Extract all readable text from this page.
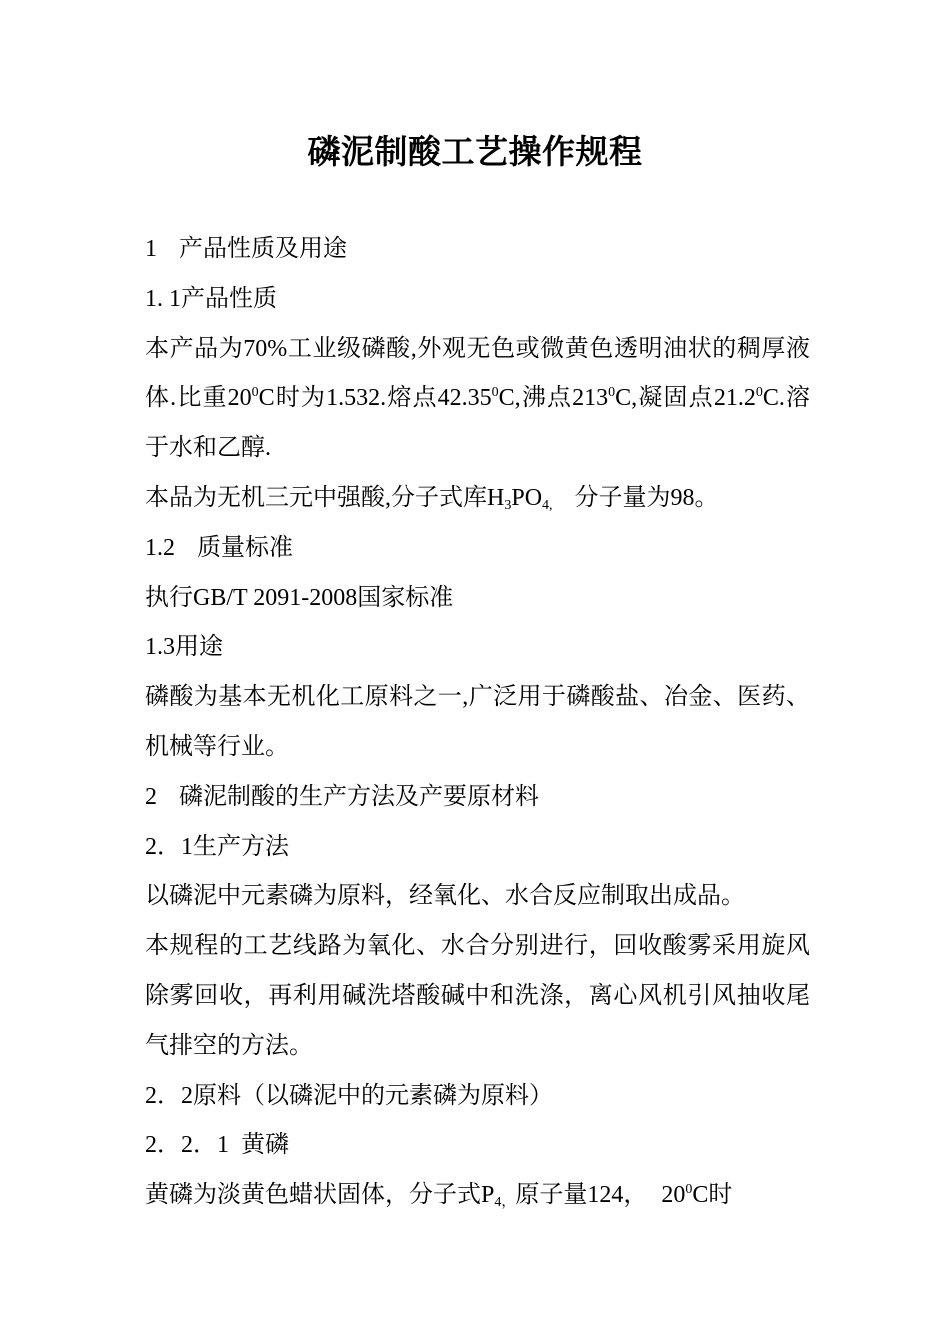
磷泥制酸工艺操作规程

1 产品性质及用途

1. 1产品性质

本产品为70%工业级磷酸,外观无色或微黄色透明油状的稠厚液体.比重$20^0C$时为1.532.熔点42.35$^0$C,沸点$213^0C$,凝固点21.2$^0$C.溶于水和乙醇.

本品为无机三元中强酸,分子式库$H_3PO_{4,}$ 分子量为98。

1.2 质量标准

执行GB/T 2091-2008国家标准

1.3用途

磷酸为基本无机化工原料之一,广泛用于磷酸盐、冶金、医药、机械等行业。

2 磷泥制酸的生产方法及产要原材料

2．1生产方法

以磷泥中元素磷为原料，经氧化、水合反应制取出成品。

本规程的工艺线路为氧化、水合分别进行，回收酸雾采用旋风除雾回收，再利用碱洗塔酸碱中和洗涤，离心风机引风抽收尾气排空的方法。

2．2原料（以磷泥中的元素磷为原料）

2．2．1  黄磷

黄磷为淡黄色蜡状固体，分子式$P_{4,}$原子量124， $20^0C$时
